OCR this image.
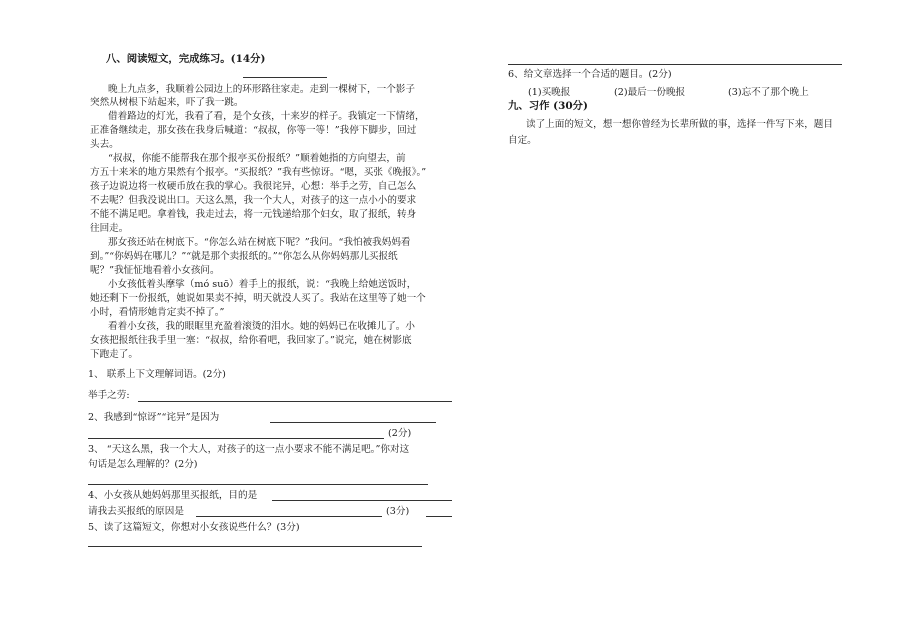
八、阅读短文，完成练习。(14分)
晚上九点多，我顺着公园边上的环形路往家走。走到一棵树下，一个影子
突然从树根下站起来，吓了我一跳。
借着路边的灯光，我看了看，是个女孩，十来岁的样子。我镇定一下情绪，
正准备继续走，那女孩在我身后喊道：“叔叔，你等一等！”我停下脚步，回过
头去。
“叔叔，你能不能帮我在那个报亭买份报纸？”顺着她指的方向望去，前
方五十来米的地方果然有个报亭。“买报纸？”我有些惊讶。“嗯，买张《晚报》。”
孩子边说边将一枚硬币放在我的掌心。我很诧异，心想：举手之劳，自己怎么
不去呢？但我没说出口。天这么黑，我一个大人，对孩子的这一点小小的要求
不能不满足吧。拿着钱，我走过去，将一元钱递给那个妇女，取了报纸，转身
往回走。
那女孩还站在树底下。“你怎么站在树底下呢？”我问。“我怕被我妈妈看
到。”“你妈妈在哪儿？”“就是那个卖报纸的。”“你怎么从你妈妈那儿买报纸
呢？”我怔怔地看着小女孩问。
小女孩低着头摩挲（mó suō）着手上的报纸，说：“我晚上给她送饭时，
她还剩下一份报纸，她说如果卖不掉，明天就没人买了。我站在这里等了她一个
小时，看情形她肯定卖不掉了。”
看着小女孩，我的眼眶里充盈着滚烫的泪水。她的妈妈已在收摊儿了。小
女孩把报纸往我手里一塞：“叔叔，给你看吧，我回家了。”说完，她在树影底
下跑走了。
1、 联系上下文理解词语。(2分)
举手之劳:
2、我感到“惊讶”“诧异”是因为
(2分)
3、 “天这么黑，我一个大人，对孩子的这一点小要求不能不满足吧。”你对这
句话是怎么理解的？(2分)
4、小女孩从她妈妈那里买报纸，目的是
请我去买报纸的原因是	(3分)
5、读了这篇短文，你想对小女孩说些什么？(3分)
6、给文章选择一个合适的题目。(2分)
(1)买晚报	(2)最后一份晚报	(3)忘不了那个晚上
九、习作 (30分)
读了上面的短文，想一想你曾经为长辈所做的事，选择一件写下来，题目
自定。
